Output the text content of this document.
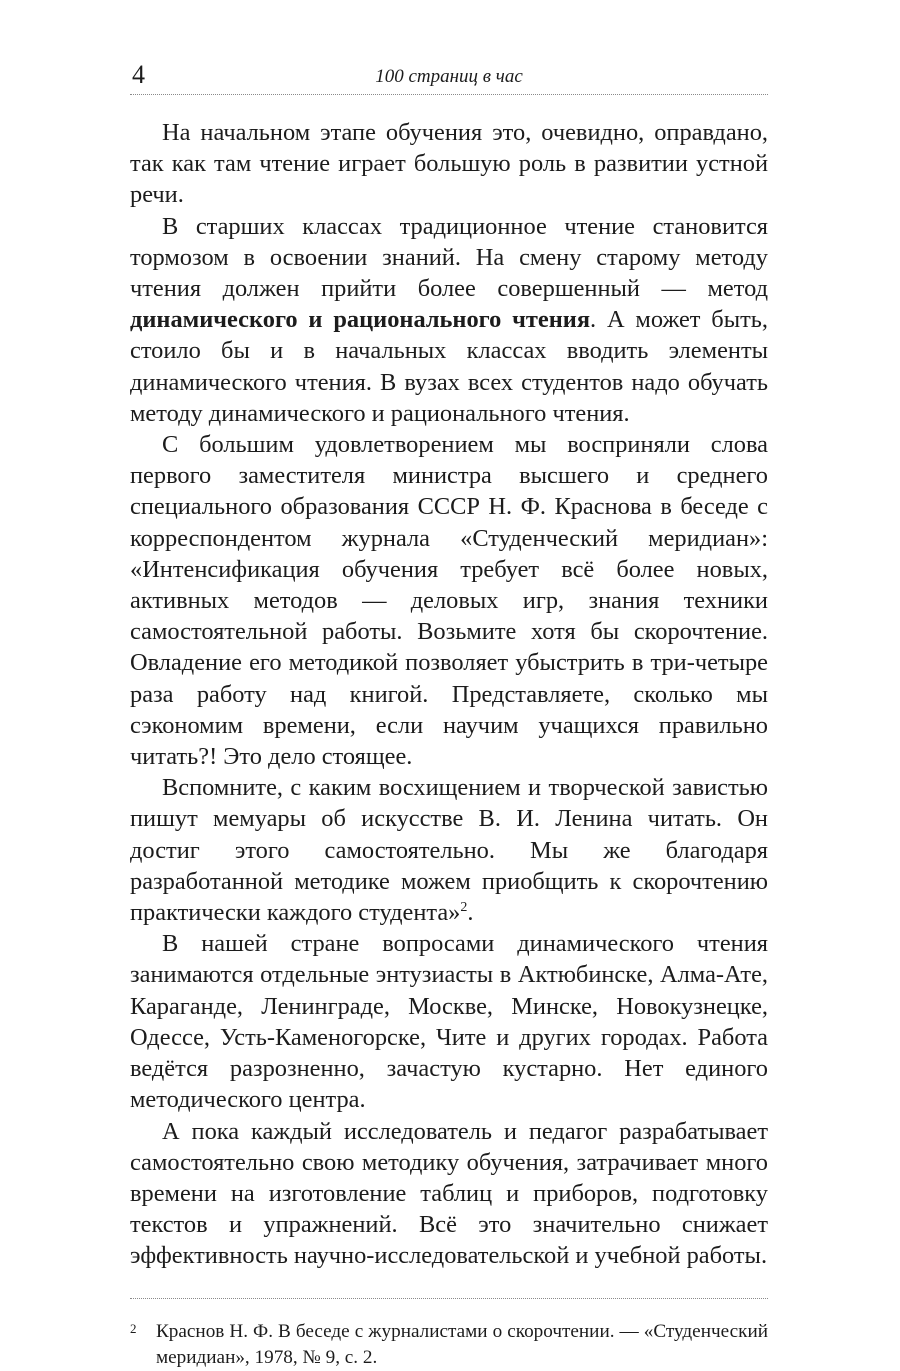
4	100 страниц в час

На начальном этапе обучения это, очевидно, оправдано, так как там чтение играет большую роль в развитии устной речи.

В старших классах традиционное чтение становится тормозом в освоении знаний. На смену старому методу чтения должен прийти более совершенный — метод динамического и рационального чтения. А может быть, стоило бы и в начальных классах вводить элементы динамического чтения. В вузах всех студентов надо обучать методу динамического и рационального чтения.

С большим удовлетворением мы восприняли слова первого заместителя министра высшего и среднего специального образования СССР Н. Ф. Краснова в беседе с корреспондентом журнала «Студенческий меридиан»: «Интенсификация обучения требует всё более новых, активных методов — деловых игр, знания техники самостоятельной работы. Возьмите хотя бы скорочтение. Овладение его методикой позволяет убыстрить в три-четыре раза работу над книгой. Представляете, сколько мы сэкономим времени, если научим учащихся правильно читать?! Это дело стоящее.

Вспомните, с каким восхищением и творческой завистью пишут мемуары об искусстве В. И. Ленина читать. Он достиг этого самостоятельно. Мы же благодаря разработанной методике можем приобщить к скорочтению практически каждого студента»$^2$.

В нашей стране вопросами динамического чтения занимаются отдельные энтузиасты в Актюбинске, Алма-Ате, Караганде, Ленинграде, Москве, Минске, Новокузнецке, Одессе, Усть-Каменогорске, Чите и других городах. Работа ведётся разрозненно, зачастую кустарно. Нет единого методического центра.

А пока каждый исследователь и педагог разрабатывает самостоятельно свою методику обучения, затрачивает много времени на изготовление таблиц и приборов, подготовку текстов и упражнений. Всё это значительно снижает эффективность научно-исследовательской и учебной работы.

2	Краснов Н. Ф. В беседе с журналистами о скорочтении. — «Студенческий меридиан», 1978, № 9, с. 2.
